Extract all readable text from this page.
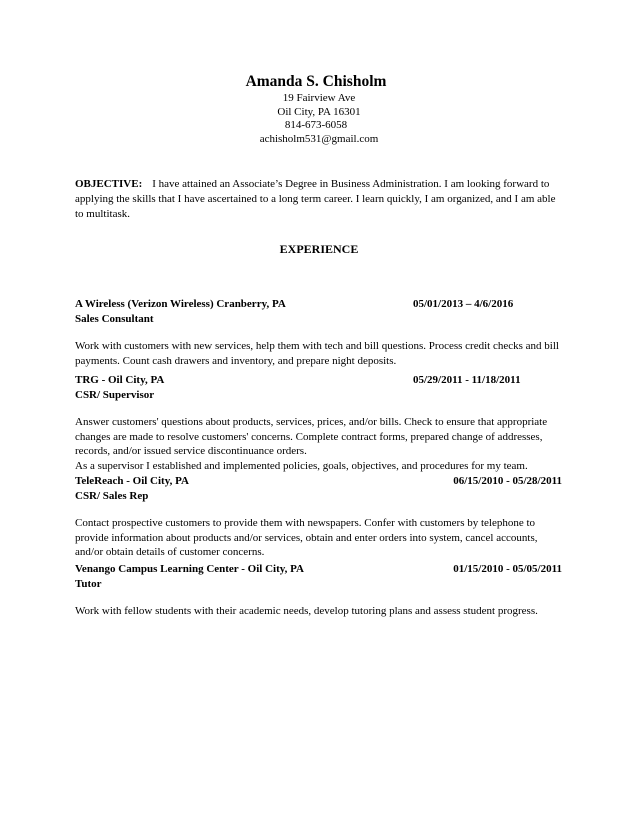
Amanda S. Chisholm
19 Fairview Ave
Oil City, PA 16301
814-673-6058
achisholm531@gmail.com
OBJECTIVE: I have attained an Associate’s Degree in Business Administration. I am looking forward to applying the skills that I have ascertained to a long term career. I learn quickly, I am organized, and I am able to multitask.
EXPERIENCE
A Wireless (Verizon Wireless) Cranberry, PA	05/01/2013 – 4/6/2016
Sales Consultant

Work with customers with new services, help them with tech and bill questions. Process credit checks and bill payments. Count cash drawers and inventory, and prepare night deposits.

TRG - Oil City, PA	05/29/2011 - 11/18/2011
CSR/ Supervisor

Answer customers' questions about products, services, prices, and/or bills. Check to ensure that appropriate changes are made to resolve customers' concerns. Complete contract forms, prepared change of addresses, records, and/or issued service discontinuance orders.

As a supervisor I established and implemented policies, goals, objectives, and procedures for my team.

TeleReach - Oil City, PA	06/15/2010 - 05/28/2011
CSR/ Sales Rep

Contact prospective customers to provide them with newspapers. Confer with customers by telephone to provide information about products and/or services, obtain and enter orders into system, cancel accounts, and/or obtain details of customer concerns.

Venango Campus Learning Center - Oil City, PA	01/15/2010 - 05/05/2011
Tutor

Work with fellow students with their academic needs, develop tutoring plans and assess student progress.
